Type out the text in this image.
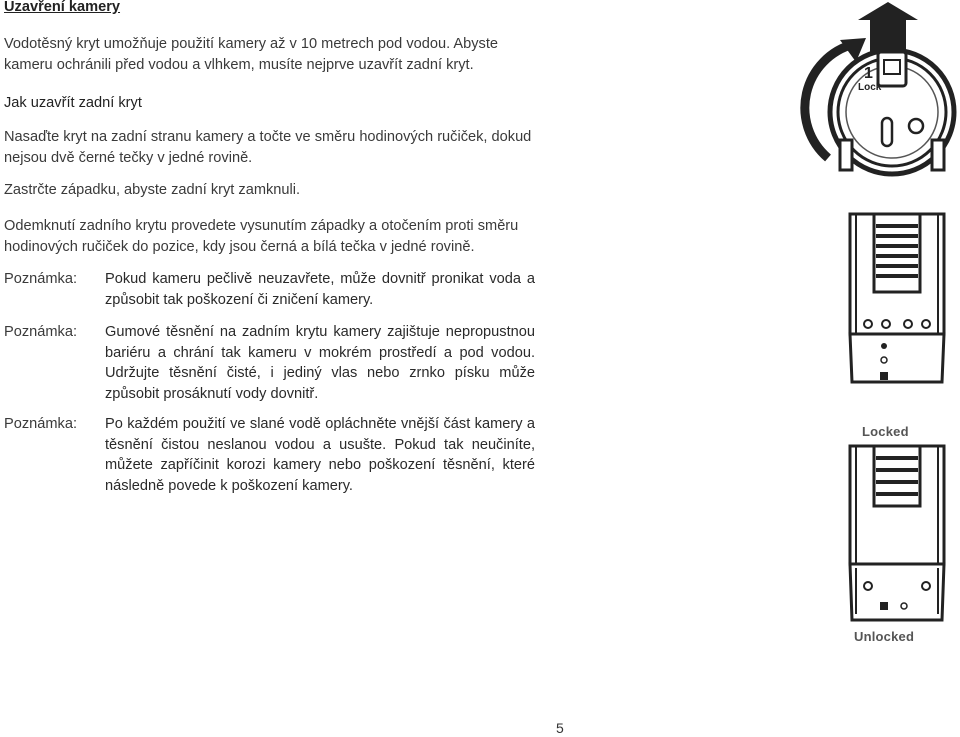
Uzavření kamery
Vodotěsný kryt umožňuje použití kamery až v 10 metrech pod vodou. Abyste kameru ochránili před vodou a vlhkem, musíte nejprve uzavřít zadní kryt.
Jak uzavřít zadní kryt
Nasaďte kryt na zadní stranu kamery a točte ve směru hodinových ručiček, dokud nejsou dvě černé tečky v jedné rovině.
Zastrčte západku, abyste zadní kryt zamknuli.
Odemknutí zadního krytu provedete vysunutím západky a otočením proti směru hodinových ručiček do pozice, kdy jsou černá a bílá tečka v jedné rovině.
Poznámka: Pokud kameru pečlivě neuzavřete, může dovnitř pronikat voda a způsobit tak poškození či zničení kamery.
Poznámka: Gumové těsnění na zadním krytu kamery zajištuje nepropustnou bariéru a chrání tak kameru v mokrém prostředí a pod vodou. Udržujte těsnění čisté, i jediný vlas nebo zrnko písku může způsobit prosáknutí vody dovnitř.
Poznámka: Po každém použití ve slané vodě opláchněte vnější část kamery a těsnění čistou neslanou vodou a usušte. Pokud tak neučiníte, můžete zapříčinit korozi kamery nebo poškození těsnění, které následně povede k poškození kamery.
1
Lock
Locked
Unlocked
5
